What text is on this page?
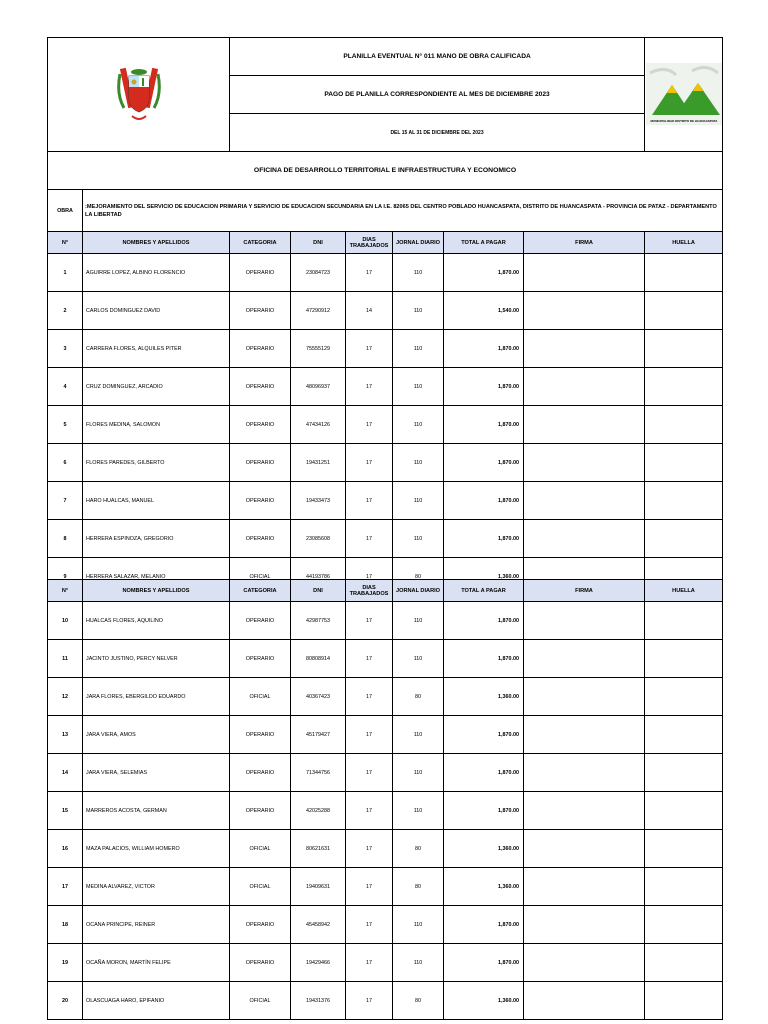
	PLANILLA EVENTUAL N° 011 MANO DE OBRA CALIFICADA						MUNICIPALIDAD DISTRITO DE HUANCASPATA

		PAGO DE PLANILLA CORRESPONDIENTE AL MES DE DICIEMBRE 2023						
		DEL 15 AL 31 DE DICIEMBRE DEL 2023						
OFICINA DE DESARROLLO TERRITORIAL E INFRAESTRUCTURA Y ECONOMICO								
OBRA	:MEJORAMIENTO DEL SERVICIO DE EDUCACION PRIMARIA Y SERVICIO DE EDUCACION SECUNDARIA EN LA I.E. 82065 DEL CENTRO POBLADO HUANCASPATA, DISTRITO DE HUANCASPATA - PROVINCIA DE PATAZ - DEPARTAMENTO LA LIBERTAD							
N°	NOMBRES Y APELLIDOS	CATEGORIA	DNI	DIAS TRABAJADOS	JORNAL DIARIO	TOTAL A PAGAR	FIRMA	HUELLA
1	AGUIRRE LOPEZ, ALBINO FLORENCIO	OPERARIO	23084723	17	110	1,870.00		
2	CARLOS DOMINGUEZ DAVID	OPERARIO	47290912	14	110	1,540.00		
3	CARRERA FLORES, ALQUILES PITER	OPERARIO	75555129	17	110	1,870.00		
4	CRUZ DOMINGUEZ, ARCADIO	OPERARIO	48096937	17	110	1,870.00		
5	FLORES MEDINA, SALOMON	OPERARIO	47434126	17	110	1,870.00		
6	FLORES PAREDES, GILBERTO	OPERARIO	19431251	17	110	1,870.00		
7	HARO HUALCAS, MANUEL	OPERARIO	19433473	17	110	1,870.00		
8	HERRERA ESPINOZA, GREGORIO	OPERARIO	23085608	17	110	1,870.00		
9	HERRERA SALAZAR, MELANIO	OFICIAL	44193786	17	80	1,360.00		
N°	NOMBRES Y APELLIDOS	CATEGORIA	DNI	DIAS TRABAJADOS	JORNAL DIARIO	TOTAL A PAGAR	FIRMA	HUELLA
10	HUALCAS FLORES, AQUILINO	OPERARIO	42987753	17	110	1,870.00		
11	JACINTO JUSTINO, PERCY NELVER	OPERARIO	80808914	17	110	1,870.00		
12	JARA FLORES, EBERGILDO EDUARDO	OFICIAL	40367423	17	80	1,360.00		
13	JARA VIERA, AMOS	OPERARIO	45179427	17	110	1,870.00		
14	JARA VIERA, SELEMIAS	OPERARIO	71344756	17	110	1,870.00		
15	MARREROS ACOSTA, GERMAN	OPERARIO	42025288	17	110	1,870.00		
16	MAZA PALACIOS, WILLIAM HOMERO	OFICIAL	80621631	17	80	1,360.00		
17	MEDINA ALVAREZ, VICTOR	OFICIAL	19409631	17	80	1,360.00		
18	OCANA PRINCIPE, REINER	OPERARIO	45458942	17	110	1,870.00		
19	OCAÑA MORON, MARTÍN FELIPE	OPERARIO	19429466	17	110	1,870.00		
20	OLASCUAGA HARO, EPIFANIO	OFICIAL	19431376	17	80	1,360.00		
